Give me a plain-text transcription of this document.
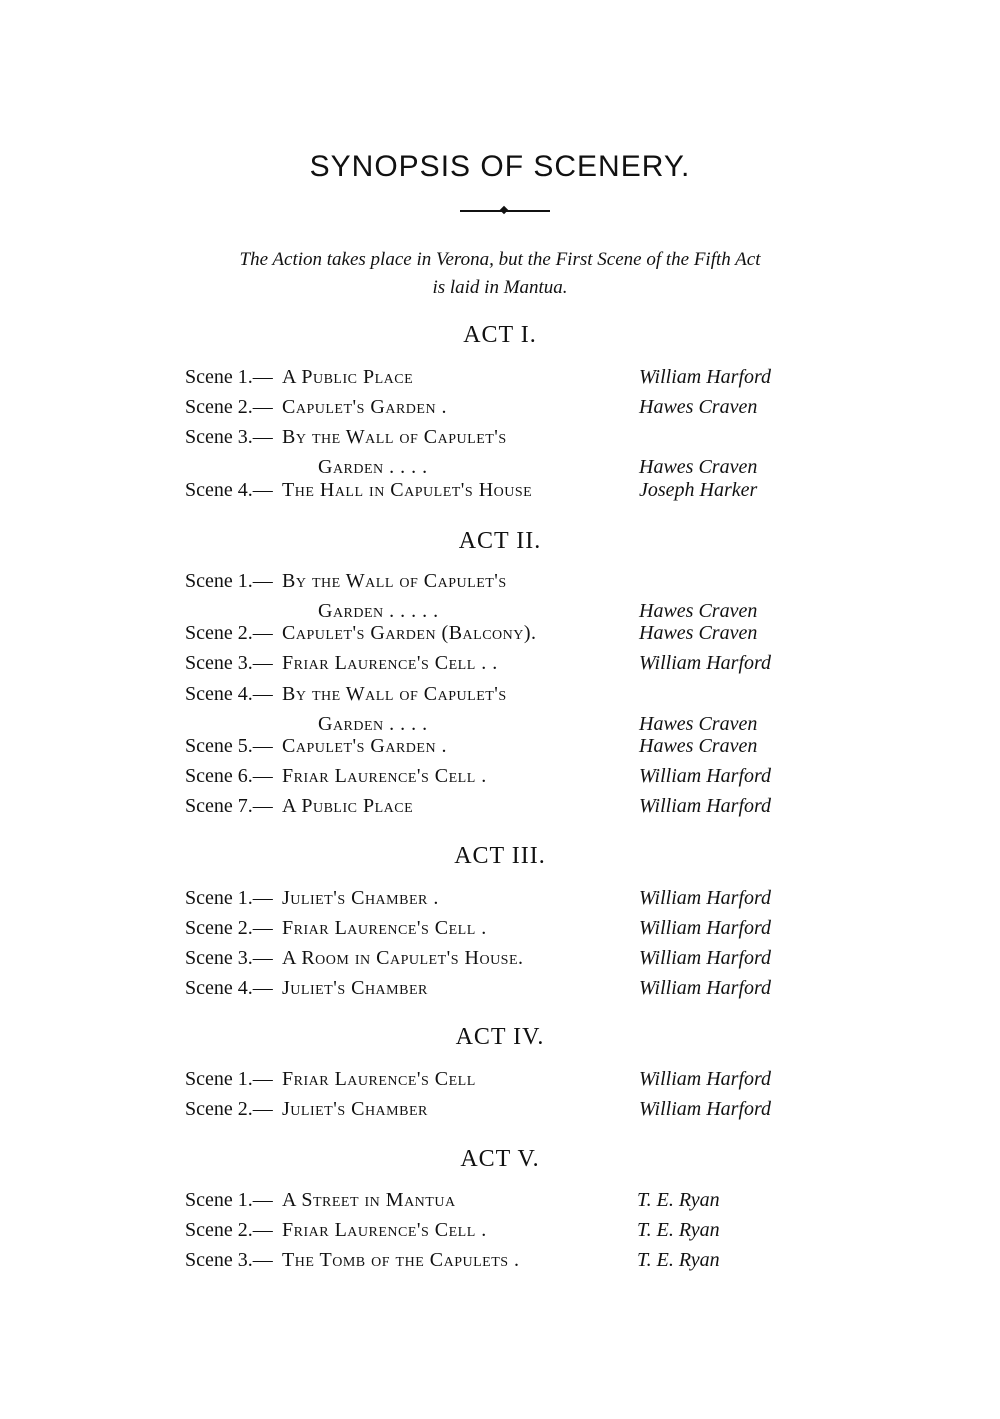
SYNOPSIS OF SCENERY.
The Action takes place in Verona, but the First Scene of the Fifth Act
is laid in Mantua.
ACT I.
Scene 1.— A Public Place	William Harford
Scene 2.— Capulet's Garden .	Hawes Craven
Scene 3.— By the Wall of Capulet's
Garden . . . .	Hawes Craven
Scene 4.— The Hall in Capulet's House	Joseph Harker
ACT II.
Scene 1.— By the Wall of Capulet's
Garden . . . . .	Hawes Craven
Scene 2.— Capulet's Garden (Balcony).	Hawes Craven
Scene 3.— Friar Laurence's Cell . .	William Harford
Scene 4.— By the Wall of Capulet's
Garden . . . .	Hawes Craven
Scene 5.— Capulet's Garden .	Hawes Craven
Scene 6.— Friar Laurence's Cell .	William Harford
Scene 7.— A Public Place	William Harford
ACT III.
Scene 1.— Juliet's Chamber .	William Harford
Scene 2.— Friar Laurence's Cell .	William Harford
Scene 3.— A Room in Capulet's House.	William Harford
Scene 4.— Juliet's Chamber	William Harford
ACT IV.
Scene 1.— Friar Laurence's Cell	William Harford
Scene 2.— Juliet's Chamber	William Harford
ACT V.
Scene 1.— A Street in Mantua	T. E. Ryan
Scene 2.— Friar Laurence's Cell .	T. E. Ryan
Scene 3.— The Tomb of the Capulets .	T. E. Ryan
